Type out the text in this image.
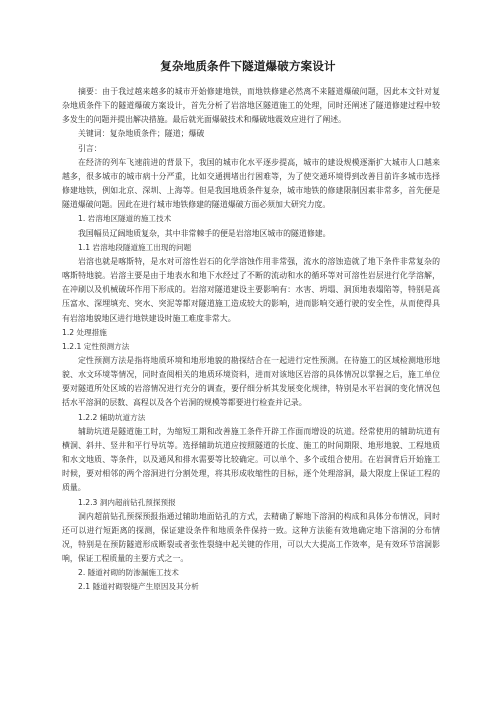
复杂地质条件下隧道爆破方案设计

摘要：由于我过越来越多的城市开始修建地铁，而地铁修建必然离不来隧道爆破问题，因此本文针对复杂地质条件下的隧道爆破方案设计，首先分析了岩溶地区隧道施工的处理，同时还阐述了隧道修建过程中较多发生的问题并提出解决措施。最后就光面爆破技术和爆破地震效应进行了阐述。

关键词：复杂地质条件；隧道；爆破

引言：

在经济的列车飞速前进的背景下，我国的城市化水平逐步提高，城市的建设规模逐渐扩大城市人口越来越多，很多城市的城市病十分严重，比如交通拥堵出行困难等，为了使交通环境得到改善目前许多城市选择修建地铁，例如北京、深圳、上海等。但是我国地质条件复杂，城市地铁的修建限制因素非常多，首先便是隧道爆破问题。因此在进行城市地铁修建的隧道爆破方面必须加大研究力度。

1. 岩溶地区隧道的施工技术

我国幅员辽阔地质复杂，其中非常棘手的便是岩溶地区城市的隧道修建。

1.1 岩溶地段隧道施工出现的问题

岩溶也就是喀斯特，是水对可溶性岩石的化学溶蚀作用非常强，流水的溶蚀造就了地下条件非常复杂的喀斯特地貌。岩溶主要是由于地表水和地下水经过了不断的流动和水的循环等对可溶性岩层进行化学溶解，在冲刷以及机械破坏作用下形成的。岩溶对隧道建设主要影响有：水害、坍塌、洞顶地表塌陷等，特别是高压富水、深埋填充、突水、突泥等都对隧道施工造成较大的影响，进而影响交通行驶的安全性，从而使得具有岩溶地貌地区进行地铁建设时施工难度非常大。

1.2 处理措施

1.2.1 定性预测方法

定性预测方法是指将地质环境和地形地貌的勘探结合在一起进行定性预测。在待施工的区域检测地形地貌、水文环境等情况，同时查阅相关的地质环境资料，进而对该地区岩溶的具体情况以掌握之后，施工单位要对隧道所处区域的岩溶情况进行充分的调查，要仔细分析其发展变化规律，特别是水平岩洞的变化情况包括水平溶洞的层数、高程以及各个岩洞的规模等都要进行检查并记录。

1.2.2 辅助坑道方法

辅助坑道是隧道施工时，为缩短工期和改善施工条件开辟工作面而增设的坑道。经常使用的辅助坑道有横洞、斜井、竖井和平行导坑等。选择辅助坑道应按照隧道的长度、施工的时间期限、地形地貌、工程地质和水文地质、等条件，以及通风和排水需要等比较确定。可以单个、多个或组合使用。在岩洞背后开始施工时候，要对相邻的两个溶洞进行分割处理，将其形成收缩性的目标，逐个处理溶洞，最大限度上保证工程的质量。

1.2.3 洞内超前钻孔预探预报

洞内超前钻孔预探预报指通过辅助地面钻孔的方式，去精确了解地下溶洞的构成和具体分布情况，同时还可以进行短距离的探测，保证建设条件和地质条件保持一致。这种方法能有效地确定地下溶洞的分布情况，特别是在预防隧道形成断裂或者张性裂缝中起关键的作用，可以大大提高工作效率，是有效环节溶洞影响，保证工程质量的主要方式之一。

2. 隧道衬砌的防渗漏施工技术

2.1 隧道衬砌裂缝产生原因及其分析
